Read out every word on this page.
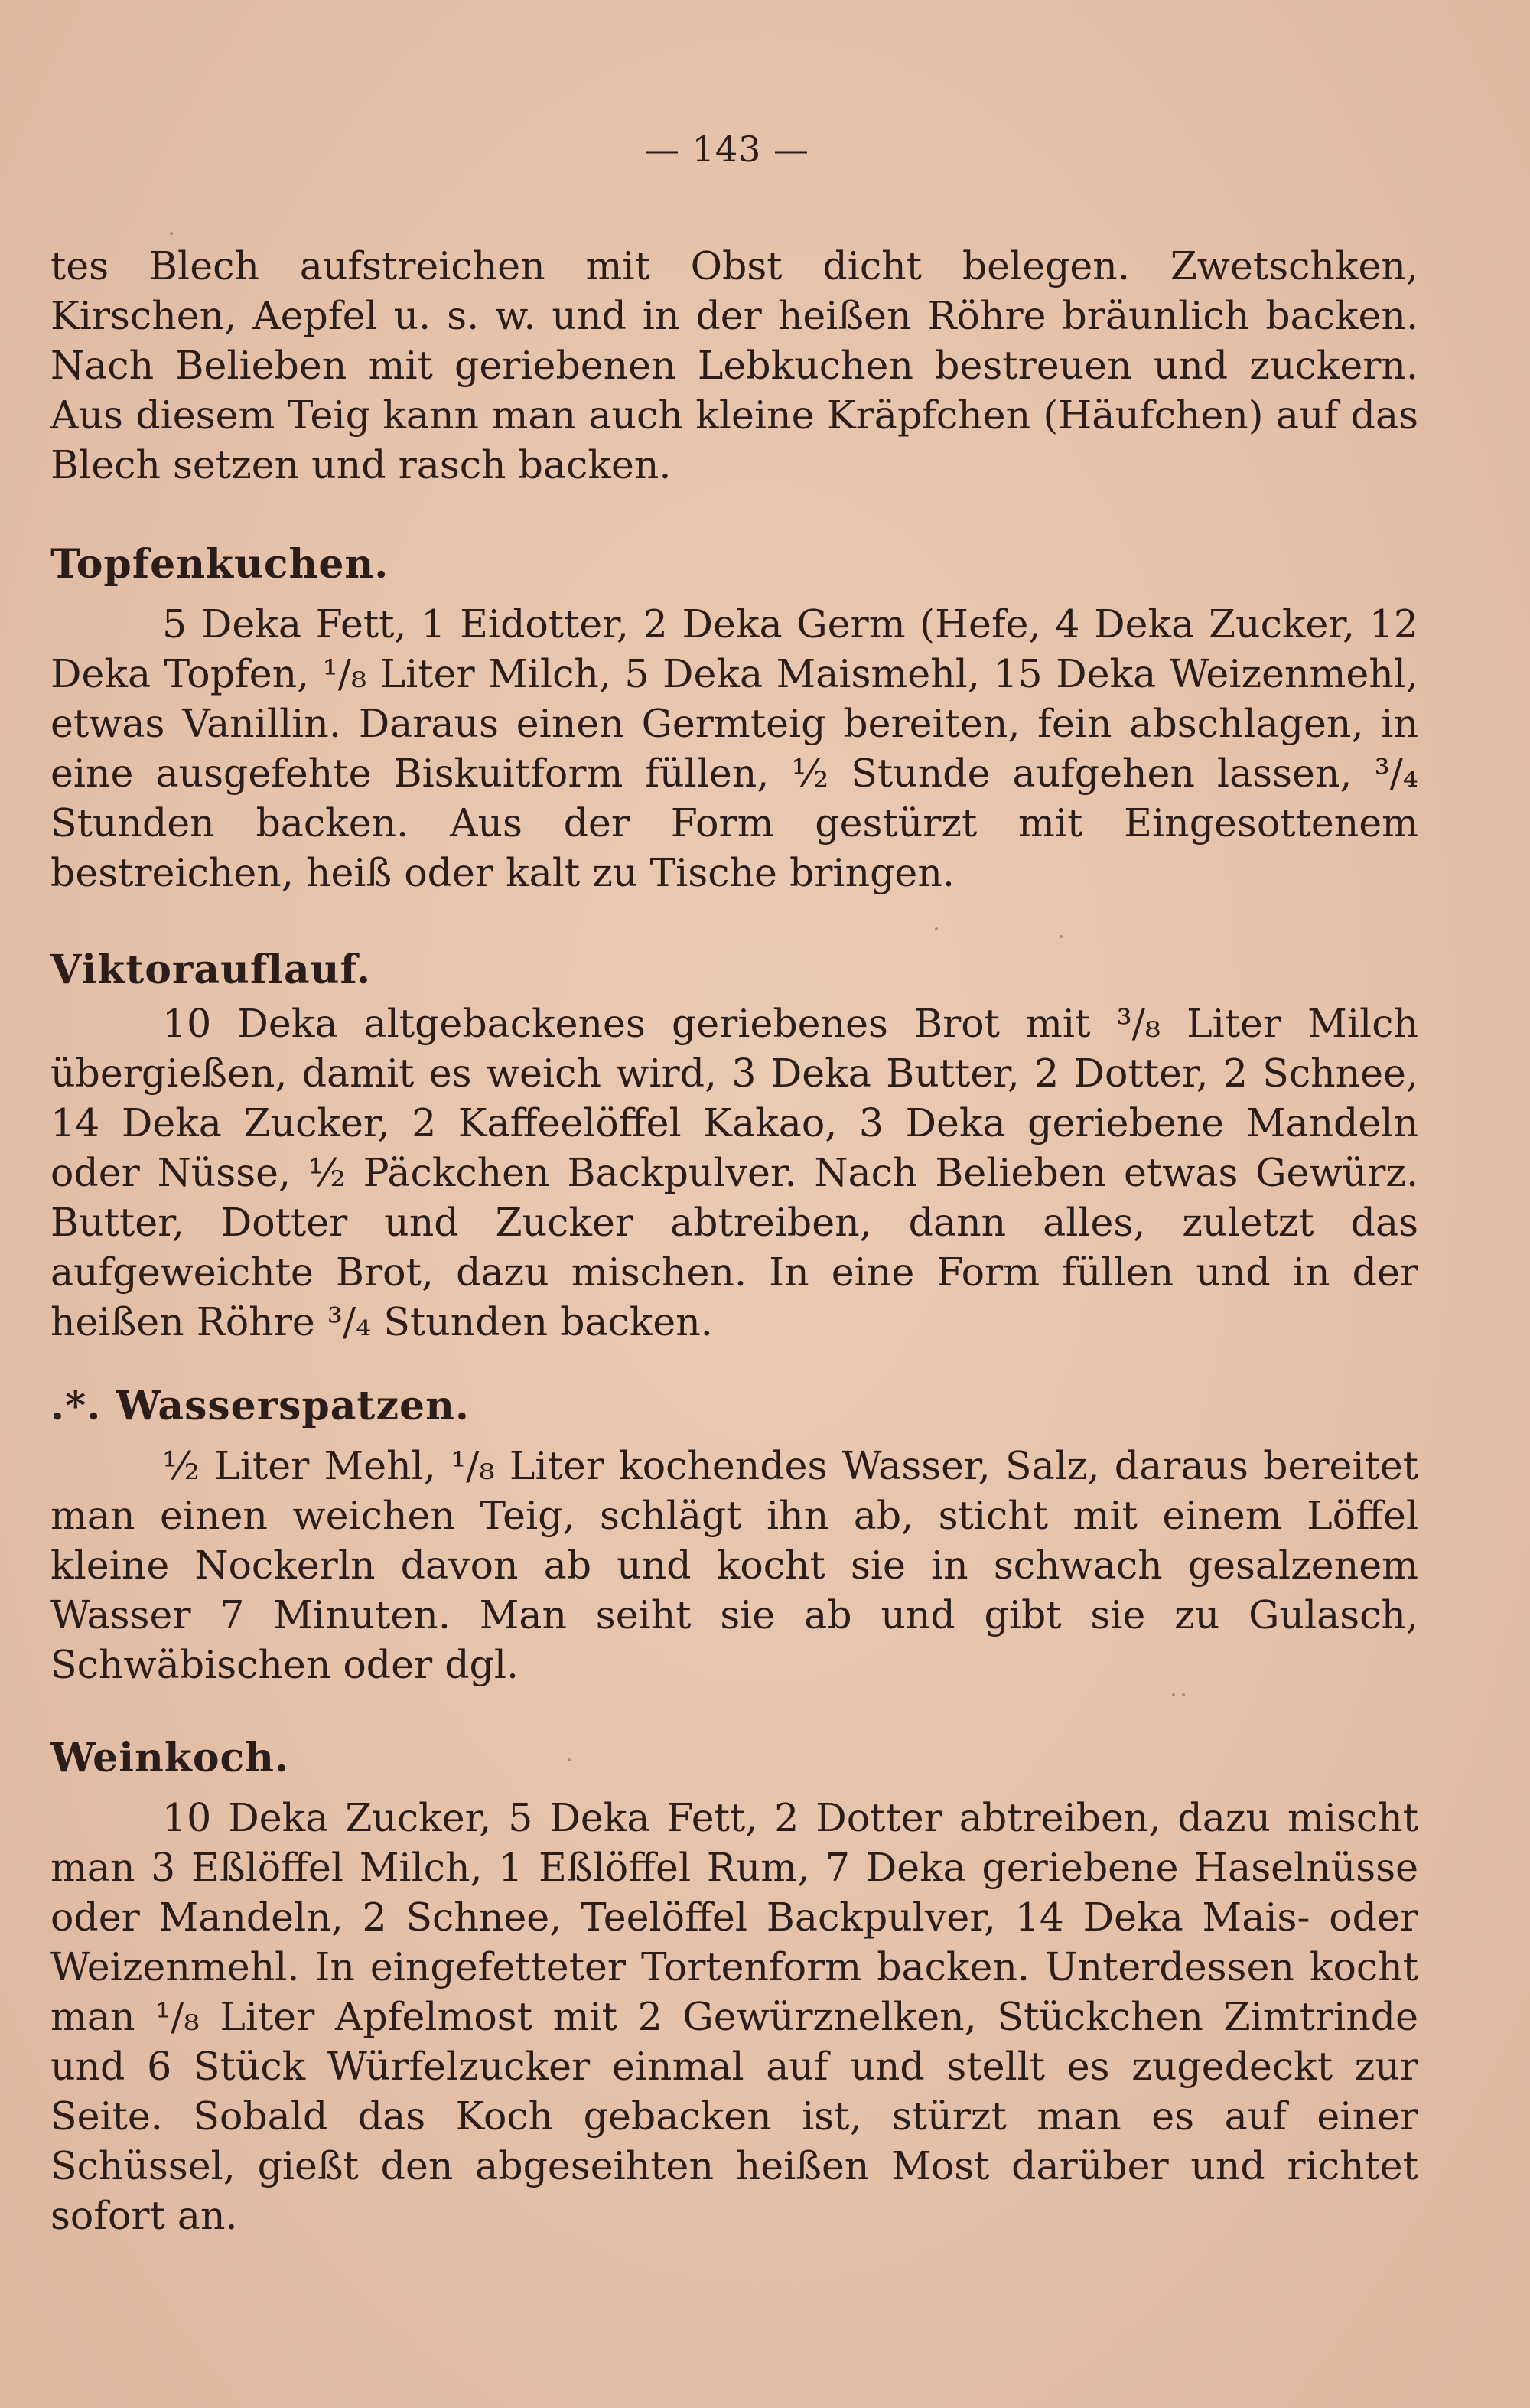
— 143 —

tes Blech aufstreichen mit Obst dicht belegen. Zwetschken, Kirschen, Aepfel u. s. w. und in der heißen Röhre bräunlich backen. Nach Belieben mit geriebenen Lebkuchen bestreuen und zuckern. Aus diesem Teig kann man auch kleine Kräpfchen (Häufchen) auf das Blech setzen und rasch backen.

Topfenkuchen.

5 Deka Fett, 1 Eidotter, 2 Deka Germ (Hefe, 4 Deka Zucker, 12 Deka Topfen, ¹/₈ Liter Milch, 5 Deka Maismehl, 15 Deka Weizenmehl, etwas Vanillin. Daraus einen Germteig bereiten, fein abschlagen, in eine ausgefehte Biskuitform füllen, ½ Stunde aufgehen lassen, ³/₄ Stunden backen. Aus der Form gestürzt mit Eingesottenem bestreichen, heiß oder kalt zu Tische bringen.

Viktorauflauf.

10 Deka altgebackenes geriebenes Brot mit ³/₈ Liter Milch übergießen, damit es weich wird, 3 Deka Butter, 2 Dotter, 2 Schnee, 14 Deka Zucker, 2 Kaffeelöffel Kakao, 3 Deka geriebene Mandeln oder Nüsse, ½ Päckchen Backpulver. Nach Belieben etwas Gewürz. Butter, Dotter und Zucker abtreiben, dann alles, zuletzt das aufgeweichte Brot, dazu mischen. In eine Form füllen und in der heißen Röhre ³/₄ Stunden backen.

.*. Wasserspatzen.

½ Liter Mehl, ¹/₈ Liter kochendes Wasser, Salz, daraus bereitet man einen weichen Teig, schlägt ihn ab, sticht mit einem Löffel kleine Nockerln davon ab und kocht sie in schwach gesalzenem Wasser 7 Minuten. Man seiht sie ab und gibt sie zu Gulasch, Schwäbischen oder dgl.

Weinkoch.

10 Deka Zucker, 5 Deka Fett, 2 Dotter abtreiben, dazu mischt man 3 Eßlöffel Milch, 1 Eßlöffel Rum, 7 Deka geriebene Haselnüsse oder Mandeln, 2 Schnee, Teelöffel Backpulver, 14 Deka Mais- oder Weizenmehl. In eingefetteter Tortenform backen. Unterdessen kocht man ¹/₈ Liter Apfelmost mit 2 Gewürznelken, Stückchen Zimtrinde und 6 Stück Würfelzucker einmal auf und stellt es zugedeckt zur Seite. Sobald das Koch gebacken ist, stürzt man es auf einer Schüssel, gießt den abgeseihten heißen Most darüber und richtet sofort an.
